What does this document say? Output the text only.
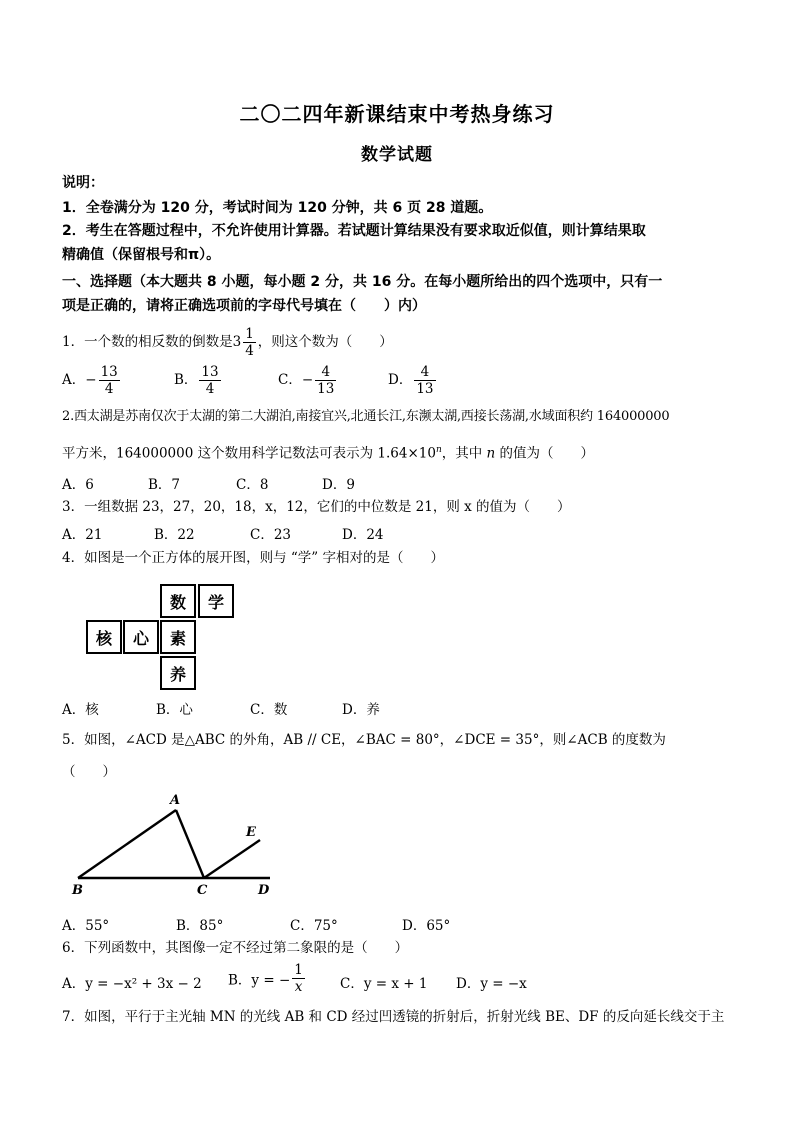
二〇二四年新课结束中考热身练习
数学试题
说明：
1．全卷满分为 120 分，考试时间为 120 分钟，共 6 页 28 道题。
2．考生在答题过程中，不允许使用计算器。若试题计算结果没有要求取近似值，则计算结果取
精确值（保留根号和π）。
一、选择题（本大题共 8 小题，每小题 2 分，共 16 分。在每小题所给出的四个选项中，只有一
项是正确的，请将正确选项前的字母代号填在（　　）内）
1．一个数的相反数的倒数是$3 \frac{1}{4}$ ，则这个数为（　　）
A．− $\frac{13}{4}$	B． $\frac{13}{4}$	C．− $\frac{4}{13}$	D． $\frac{4}{13}$
2.西太湖是苏南仅次于太湖的第二大湖泊,南接宜兴,北通长江,东濒太湖,西接长荡湖,水域面积约 164000000
平方米，164000000 这个数用科学记数法可表示为 $1.64\times 10^n$，其中 n 的值为（　　）
A．6	B．7	C．8	D．9
3．一组数据 23，27，20，18，x，12，它们的中位数是 21，则 x 的值为（　　）
A．21	B．22	C．23	D．24
4．如图是一个正方体的展开图，则与 “学” 字相对的是（　　）
数	学
核	心	素
养
A．核	B．心	C．数	D．养
5．如图，∠ACD 是△ABC 的外角，AB // CE，∠BAC = 80°，∠DCE = 35°，则∠ACB 的度数为
（　　）
A
B	C	D
E
A．55°	B．85°	C．75°	D．65°
6．下列函数中，其图像一定不经过第二象限的是（　　）
A．y = −x² + 3x − 2 B．y = − $\frac{1}{x}$	C．y = x + 1 D．y = −x
7．如图，平行于主光轴 MN 的光线 AB 和 CD 经过凹透镜的折射后，折射光线 BE、DF 的反向延长线交于主
